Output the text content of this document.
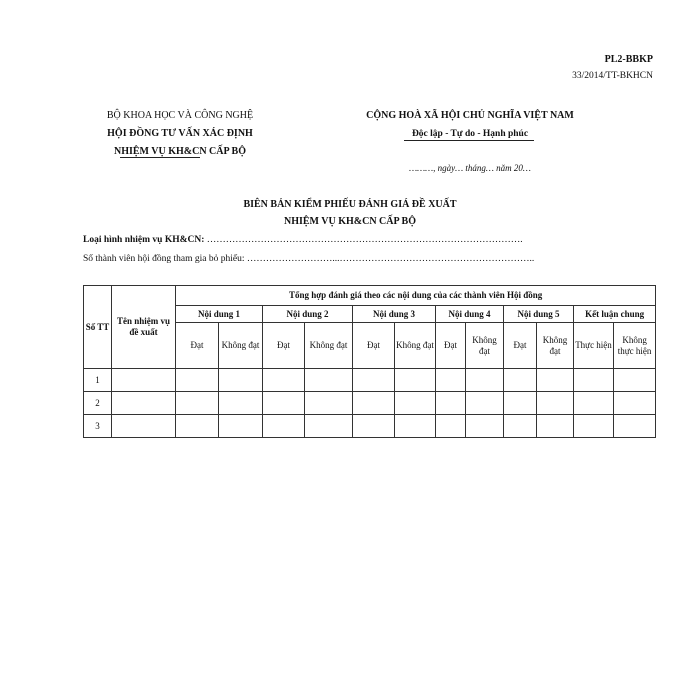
PL2-BBKP
33/2014/TT-BKHCN
BỘ KHOA HỌC VÀ CÔNG NGHỆ
HỘI ĐỒNG TƯ VẤN XÁC ĐỊNH
NHIỆM VỤ KH&CN CẤP BỘ
CỘNG HOÀ XÃ HỘI CHỦ NGHĨA VIỆT NAM
Độc lập - Tự do - Hạnh phúc
………, ngày… tháng… năm 20…
BIÊN BẢN KIỂM PHIẾU ĐÁNH GIÁ ĐỀ XUẤT
NHIỆM VỤ KH&CN CẤP BỘ
Loại hình nhiệm vụ KH&CN: ……………………………………………………………………………………….
Số thành viên hội đồng tham gia bỏ phiếu: ………………………...……………………………………………………..
Số TT	Tên nhiệm vụ đề xuất	Tổng hợp đánh giá theo các nội dung của các thành viên Hội đồng											
		Nội dung 1		Nội dung 2		Nội dung 3		Nội dung 4		Nội dung 5		Kết luận chung	
		Đạt	Không đạt	Đạt	Không đạt	Đạt	Không đạt	Đạt	Không đạt	Đạt	Không đạt	Thực hiện	Không thực hiện
1													
2													
3													
